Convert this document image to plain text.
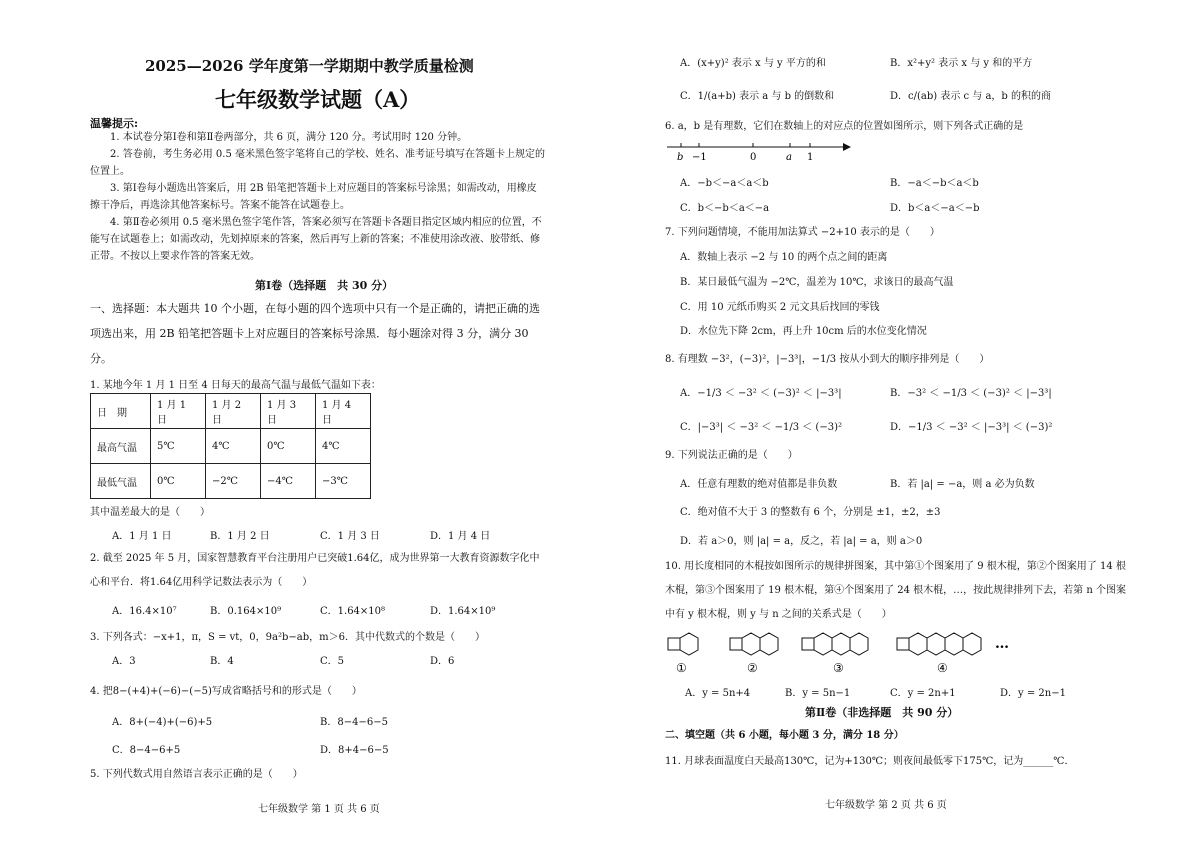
2025—2026 学年度第一学期期中教学质量检测
七年级数学试题（A）
温馨提示:
1. 本试卷分第Ⅰ卷和第Ⅱ卷两部分，共 6 页，满分 120 分。考试用时 120 分钟。
2. 答卷前，考生务必用 0.5 毫米黑色签字笔将自己的学校、姓名、准考证号填写在答题卡上规定的位置上。
3. 第Ⅰ卷每小题选出答案后，用 2B 铅笔把答题卡上对应题目的答案标号涂黑；如需改动，用橡皮擦干净后，再选涂其他答案标号。答案不能答在试题卷上。
4. 第Ⅱ卷必须用 0.5 毫米黑色签字笔作答，答案必须写在答题卡各题目指定区域内相应的位置，不能写在试题卷上；如需改动，先划掉原来的答案，然后再写上新的答案；不准使用涂改液、胶带纸、修正带。不按以上要求作答的答案无效。
第Ⅰ卷（选择题　共 30 分）
一、选择题：本大题共 10 个小题，在每小题的四个选项中只有一个是正确的，请把正确的选项选出来，用 2B 铅笔把答题卡上对应题目的答案标号涂黑．每小题涂对得 3 分，满分 30 分。
1. 某地今年 1 月 1 日至 4 日每天的最高气温与最低气温如下表：
日　期	1 月 1 日	1 月 2 日	1 月 3 日	1 月 4 日
最高气温	5℃	4℃	0℃	4℃
最低气温	0℃	−2℃	−4℃	−3℃
其中温差最大的是（　　）
A．1 月 1 日	B．1 月 2 日	C．1 月 3 日	D．1 月 4 日
2. 截至 2025 年 5 月，国家智慧教育平台注册用户已突破1.64亿，成为世界第一大教育资源数字化中心和平台．将1.64亿用科学记数法表示为（　　）
A．16.4×10⁷	B．0.164×10⁹	C．1.64×10⁸	D．1.64×10⁹
3. 下列各式：−x+1，π，S = vt，0，9a²b−ab，m＞6．其中代数式的个数是（　　）
A．3	B．4	C．5	D．6
4. 把8−(+4)+(−6)−(−5)写成省略括号和的形式是（　　）
A．8+(−4)+(−6)+5	B．8−4−6−5
C．8−4−6+5	D．8+4−6−5
5. 下列代数式用自然语言表示正确的是（　　）
七年级数学 第 1 页 共 6 页
A．(x+y)² 表示 x 与 y 平方的和	B．x²+y² 表示 x 与 y 和的平方
C．1/(a+b) 表示 a 与 b 的倒数和	D．c/(ab) 表示 c 与 a，b 的积的商
6. a，b 是有理数，它们在数轴上的对应点的位置如图所示，则下列各式正确的是
b −1	0	a 1
A．−b＜−a＜a＜b	B．−a＜−b＜a＜b
C．b＜−b＜a＜−a	D．b＜a＜−a＜−b
7. 下列问题情境，不能用加法算式 −2+10 表示的是（　　）
A．数轴上表示 −2 与 10 的两个点之间的距离
B．某日最低气温为 −2℃，温差为 10℃，求该日的最高气温
C．用 10 元纸币购买 2 元文具后找回的零钱
D．水位先下降 2cm，再上升 10cm 后的水位变化情况
8. 有理数 −3²，(−3)²，|−3³|，−1/3 按从小到大的顺序排列是（　　）
A．−1/3 ＜ −3² ＜ (−3)² ＜ |−3³|	B．−3² ＜ −1/3 ＜ (−3)² ＜ |−3³|
C．|−3³| ＜ −3² ＜ −1/3 ＜ (−3)²	D．−1/3 ＜ −3² ＜ |−3³| ＜ (−3)²
9. 下列说法正确的是（　　）
A．任意有理数的绝对值都是非负数	B．若 |a| = −a，则 a 必为负数
C．绝对值不大于 3 的整数有 6 个，分别是 ±1，±2，±3
D．若 a＞0，则 |a| = a，反之，若 |a| = a，则 a＞0
10. 用长度相同的木棍按如图所示的规律拼图案，其中第①个图案用了 9 根木棍，第②个图案用了 14 根木棍，第③个图案用了 19 根木棍，第④个图案用了 24 根木棍，…，按此规律排列下去，若第 n 个图案中有 y 根木棍，则 y 与 n 之间的关系式是（　　）
①	②	③	④
…
A．y = 5n+4	B．y = 5n−1	C．y = 2n+1	D．y = 2n−1
第Ⅱ卷（非选择题　共 90 分）
二、填空题（共 6 小题，每小题 3 分，满分 18 分）
11. 月球表面温度白天最高130℃，记为+130℃；则夜间最低零下175℃，记为______℃．
七年级数学 第 2 页 共 6 页
